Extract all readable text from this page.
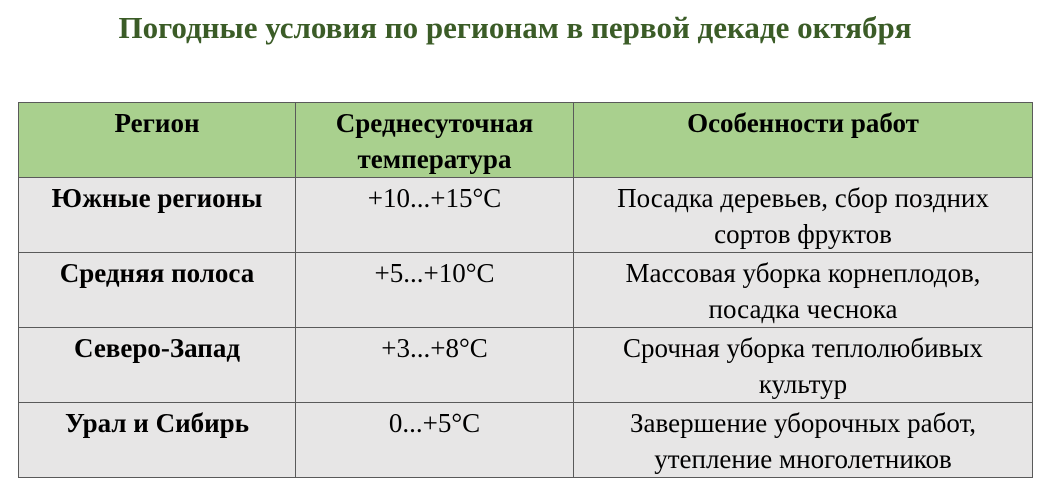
Погодные условия по регионам в первой декаде октября
Регион	Среднесуточная температура	Особенности работ
Южные регионы	+10...+15°C	Посадка деревьев, сбор поздних сортов фруктов
Средняя полоса	+5...+10°C	Массовая уборка корнеплодов, посадка чеснока
Северо-Запад	+3...+8°C	Срочная уборка теплолюбивых культур
Урал и Сибирь	0...+5°C	Завершение уборочных работ, утепление многолетников
